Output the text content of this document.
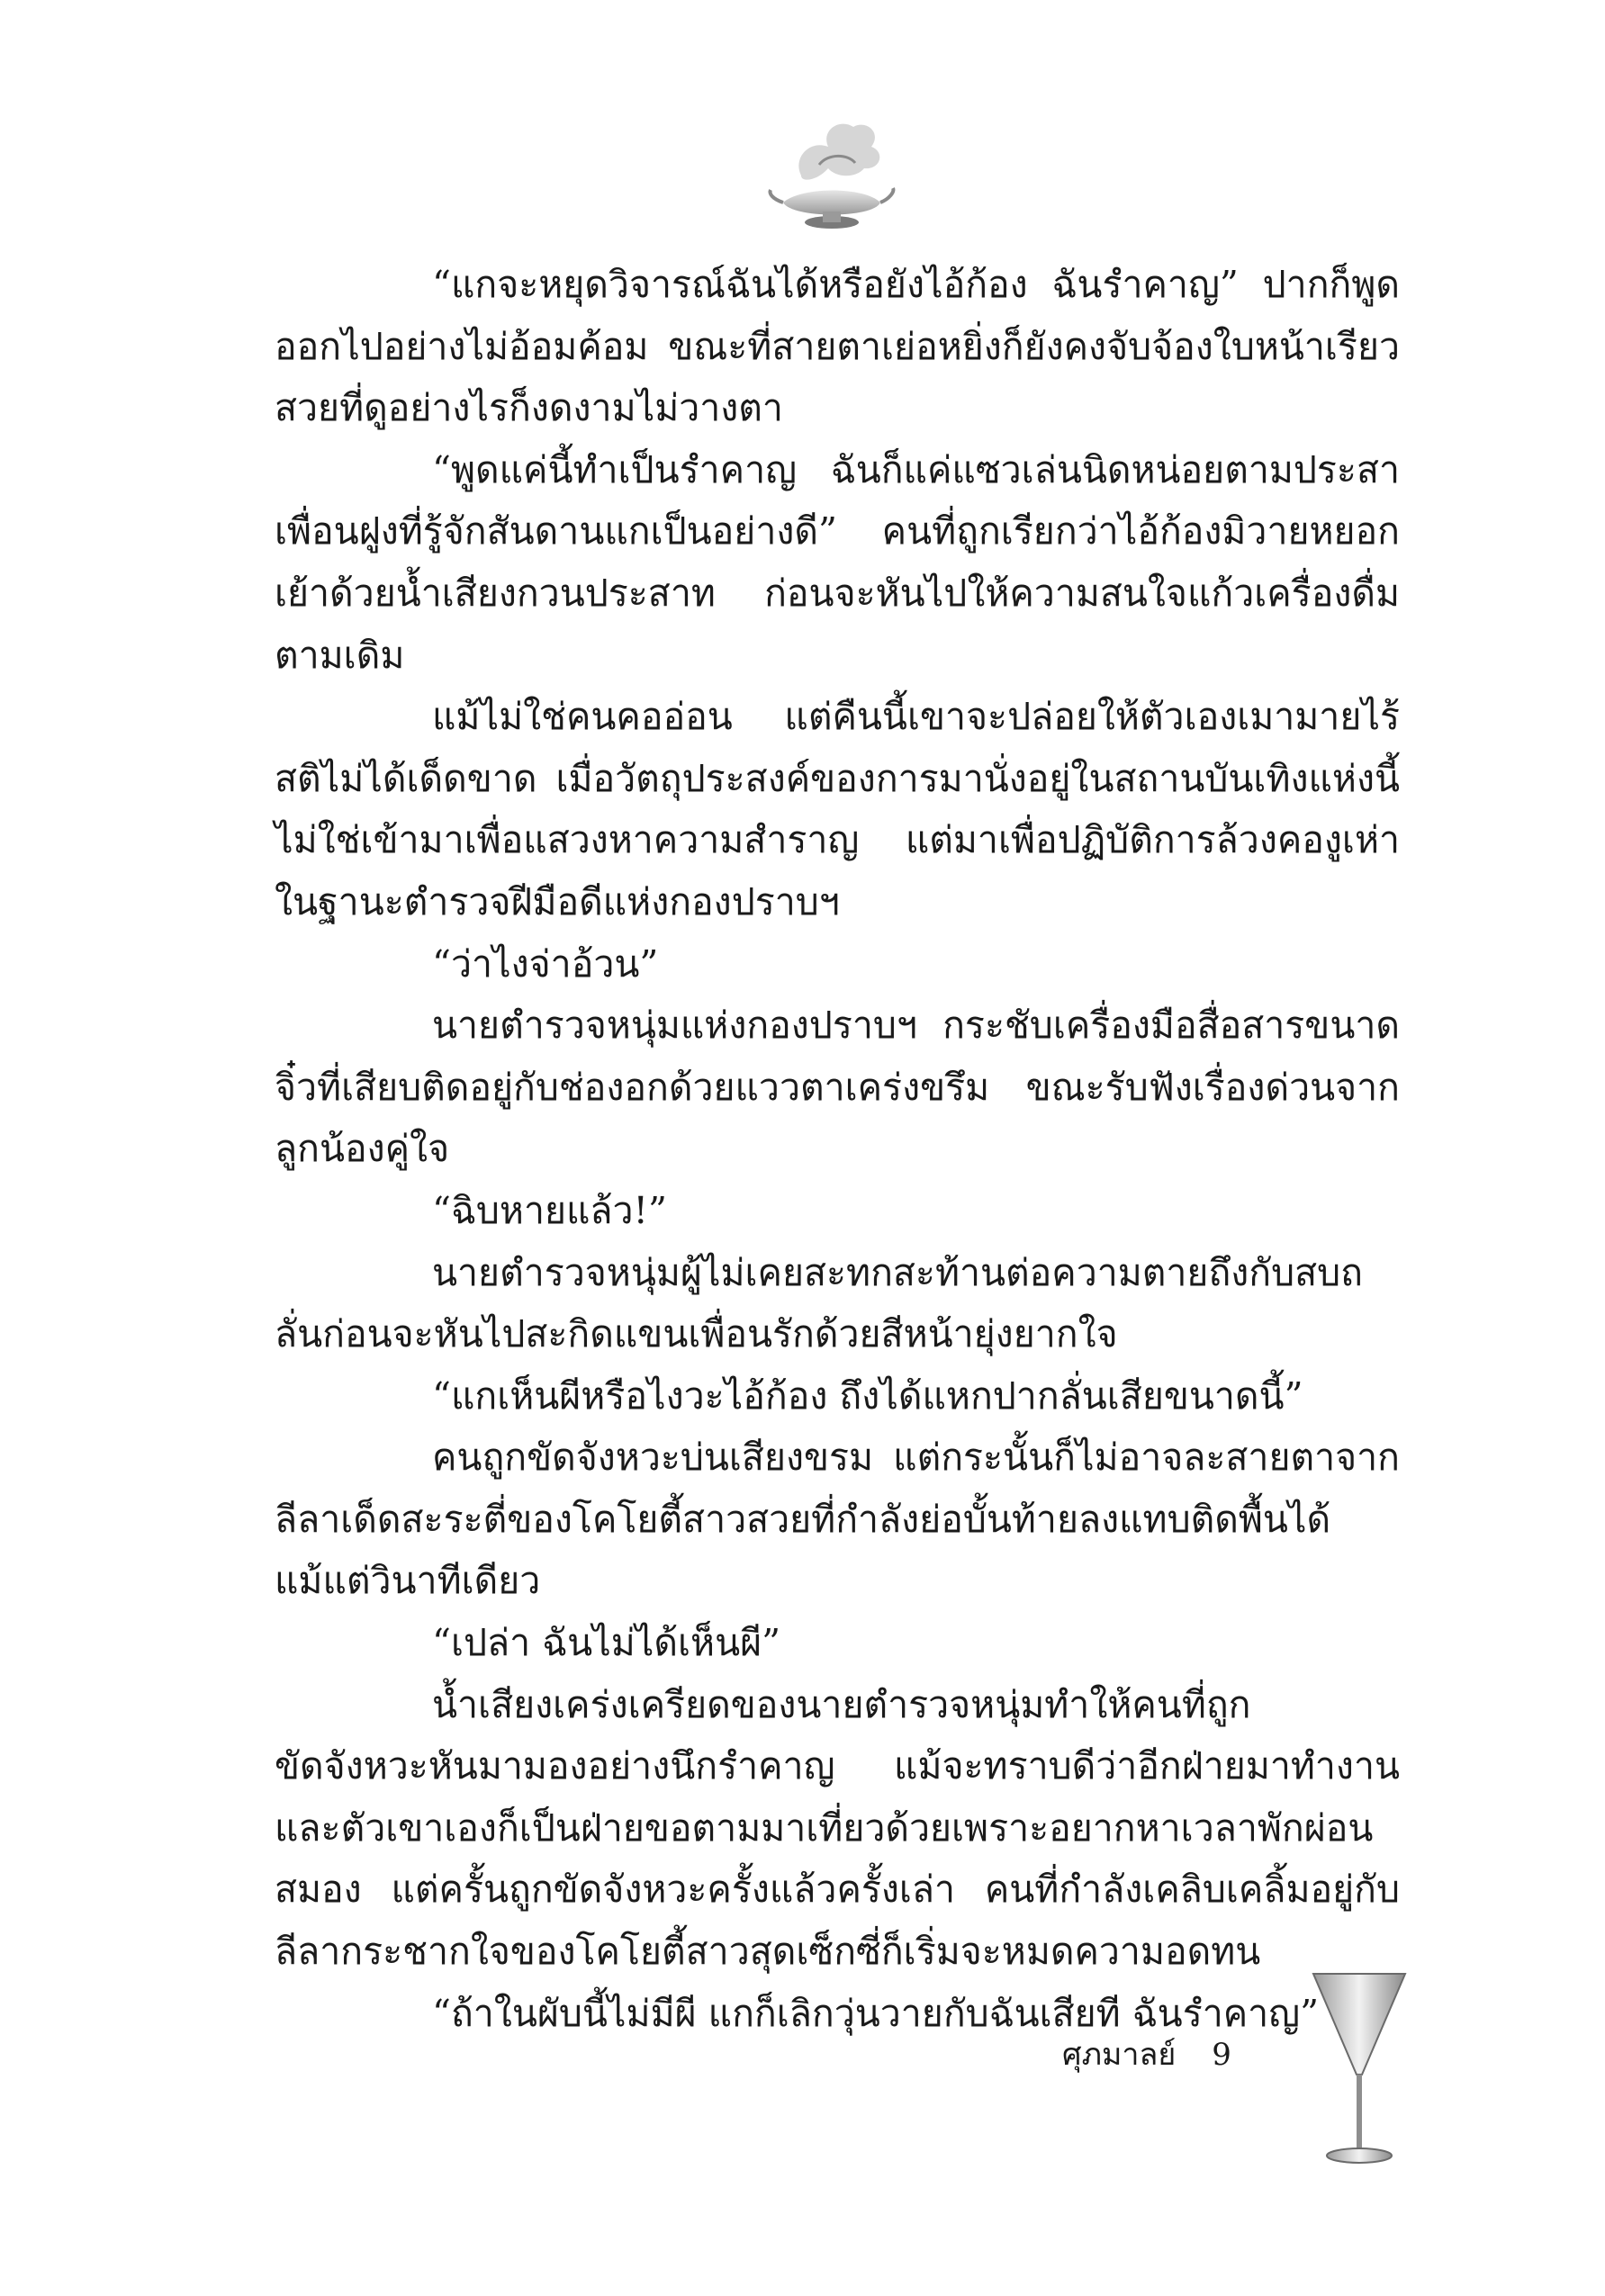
“แกจะหยุดวิจารณ์ฉันได้หรือยังไอ้ก้อง ฉันรำคาญ” ปากก็พูดออกไปอย่างไม่อ้อมค้อม ขณะที่สายตาเย่อหยิ่งก็ยังคงจับจ้องใบหน้าเรียวสวยที่ดูอย่างไรก็งดงามไม่วางตา

“พูดแค่นี้ทำเป็นรำคาญ ฉันก็แค่แซวเล่นนิดหน่อยตามประสาเพื่อนฝูงที่รู้จักสันดานแกเป็นอย่างดี” คนที่ถูกเรียกว่าไอ้ก้องมิวายหยอกเย้าด้วยน้ำเสียงกวนประสาท ก่อนจะหันไปให้ความสนใจแก้วเครื่องดื่มตามเดิม

แม้ไม่ใช่คนคออ่อน แต่คืนนี้เขาจะปล่อยให้ตัวเองเมามายไร้สติไม่ได้เด็ดขาด เมื่อวัตถุประสงค์ของการมานั่งอยู่ในสถานบันเทิงแห่งนี้ไม่ใช่เข้ามาเพื่อแสวงหาความสำราญ แต่มาเพื่อปฏิบัติการล้วงคองูเห่าในฐานะตำรวจฝีมือดีแห่งกองปราบฯ

“ว่าไงจ่าอ้วน”

นายตำรวจหนุ่มแห่งกองปราบฯ กระชับเครื่องมือสื่อสารขนาดจิ๋วที่เสียบติดอยู่กับช่องอกด้วยแววตาเคร่งขรึม ขณะรับฟังเรื่องด่วนจากลูกน้องคู่ใจ

“ฉิบหายแล้ว!”

นายตำรวจหนุ่มผู้ไม่เคยสะทกสะท้านต่อความตายถึงกับสบถลั่นก่อนจะหันไปสะกิดแขนเพื่อนรักด้วยสีหน้ายุ่งยากใจ

“แกเห็นผีหรือไงวะไอ้ก้อง ถึงได้แหกปากลั่นเสียขนาดนี้”

คนถูกขัดจังหวะบ่นเสียงขรม แต่กระนั้นก็ไม่อาจละสายตาจากลีลาเด็ดสะระตี่ของโคโยตี้สาวสวยที่กำลังย่อบั้นท้ายลงแทบติดพื้นได้แม้แต่วินาทีเดียว

“เปล่า ฉันไม่ได้เห็นผี”

น้ำเสียงเคร่งเครียดของนายตำรวจหนุ่มทำให้คนที่ถูกขัดจังหวะหันมามองอย่างนึกรำคาญ แม้จะทราบดีว่าอีกฝ่ายมาทำงาน และตัวเขาเองก็เป็นฝ่ายขอตามมาเที่ยวด้วยเพราะอยากหาเวลาพักผ่อนสมอง แต่ครั้นถูกขัดจังหวะครั้งแล้วครั้งเล่า คนที่กำลังเคลิบเคลิ้มอยู่กับลีลากระชากใจของโคโยตี้สาวสุดเซ็กซี่ก็เริ่มจะหมดความอดทน

“ถ้าในผับนี้ไม่มีผี แกก็เลิกวุ่นวายกับฉันเสียที ฉันรำคาญ”

ศุภมาลย์ 9
